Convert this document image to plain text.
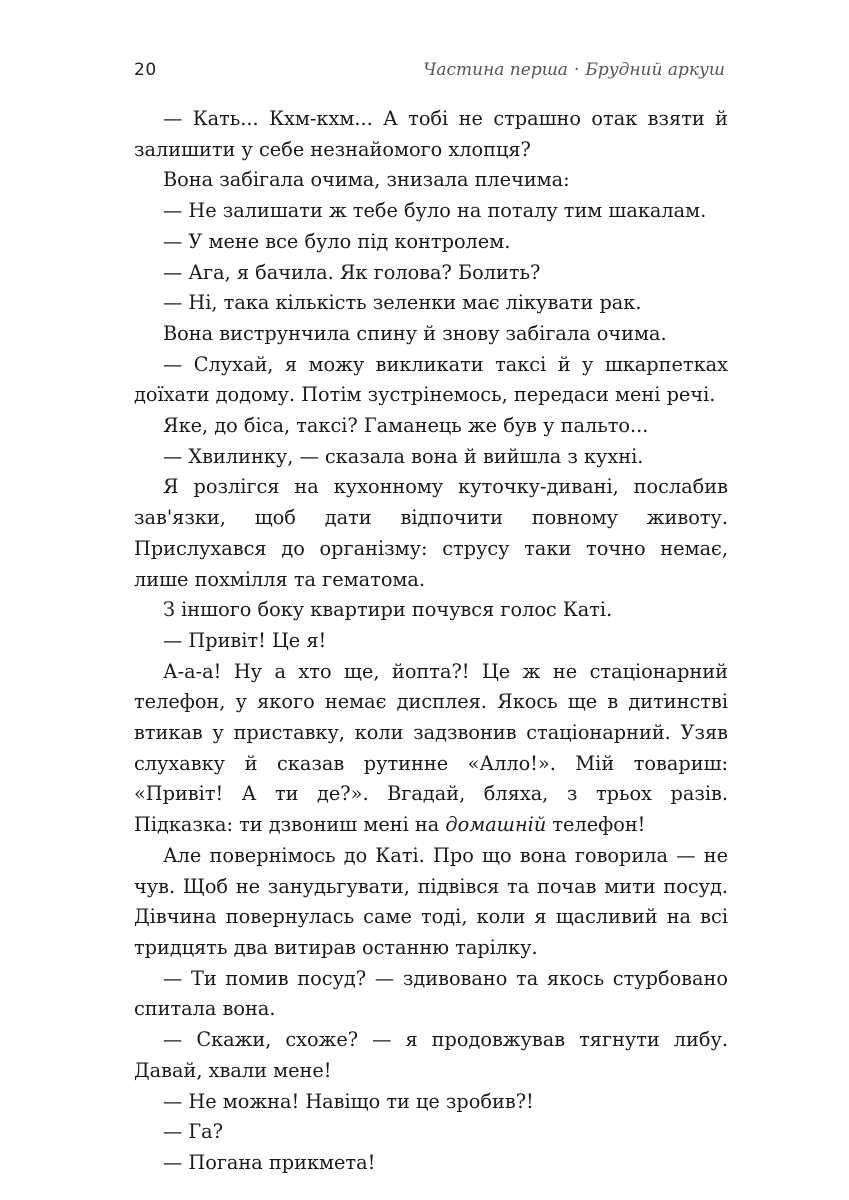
20	Частина перша · Брудний аркуш

— Кать... Кхм-кхм... А тобі не страшно отак взяти й залишити у себе незнайомого хлопця?

Вона забігала очима, знизала плечима:

— Не залишати ж тебе було на поталу тим шакалам.

— У мене все було під контролем.

— Ага, я бачила. Як голова? Болить?

— Ні, така кількість зеленки має лікувати рак.

Вона виструнчила спину й знову забігала очима.

— Слухай, я можу викликати таксі й у шкарпетках доїхати додому. Потім зустрінемось, передаси мені речі.

Яке, до біса, таксі? Гаманець же був у пальто...

— Хвилинку, — сказала вона й вийшла з кухні.

Я розлігся на кухонному куточку-дивані, послабив зав'язки, щоб дати відпочити повному животу. Прислухався до організму: струсу таки точно немає, лише похмілля та гематома.

З іншого боку квартири почувся голос Каті.

— Привіт! Це я!

А-а-а! Ну а хто ще, йопта?! Це ж не стаціонарний телефон, у якого немає дисплея. Якось ще в дитинстві втикав у приставку, коли задзвонив стаціонарний. Узяв слухавку й сказав рутинне «Алло!». Мій товариш: «Привіт! А ти де?». Вгадай, бляха, з трьох разів. Підказка: ти дзвониш мені на домашній телефон!

Але повернімось до Каті. Про що вона говорила — не чув. Щоб не занудьгувати, підвівся та почав мити посуд. Дівчина повернулась саме тоді, коли я щасливий на всі тридцять два витирав останню тарілку.

— Ти помив посуд? — здивовано та якось стурбовано спитала вона.

— Скажи, схоже? — я продовжував тягнути либу. Давай, хвали мене!

— Не можна! Навіщо ти це зробив?!

— Га?

— Погана прикмета!
